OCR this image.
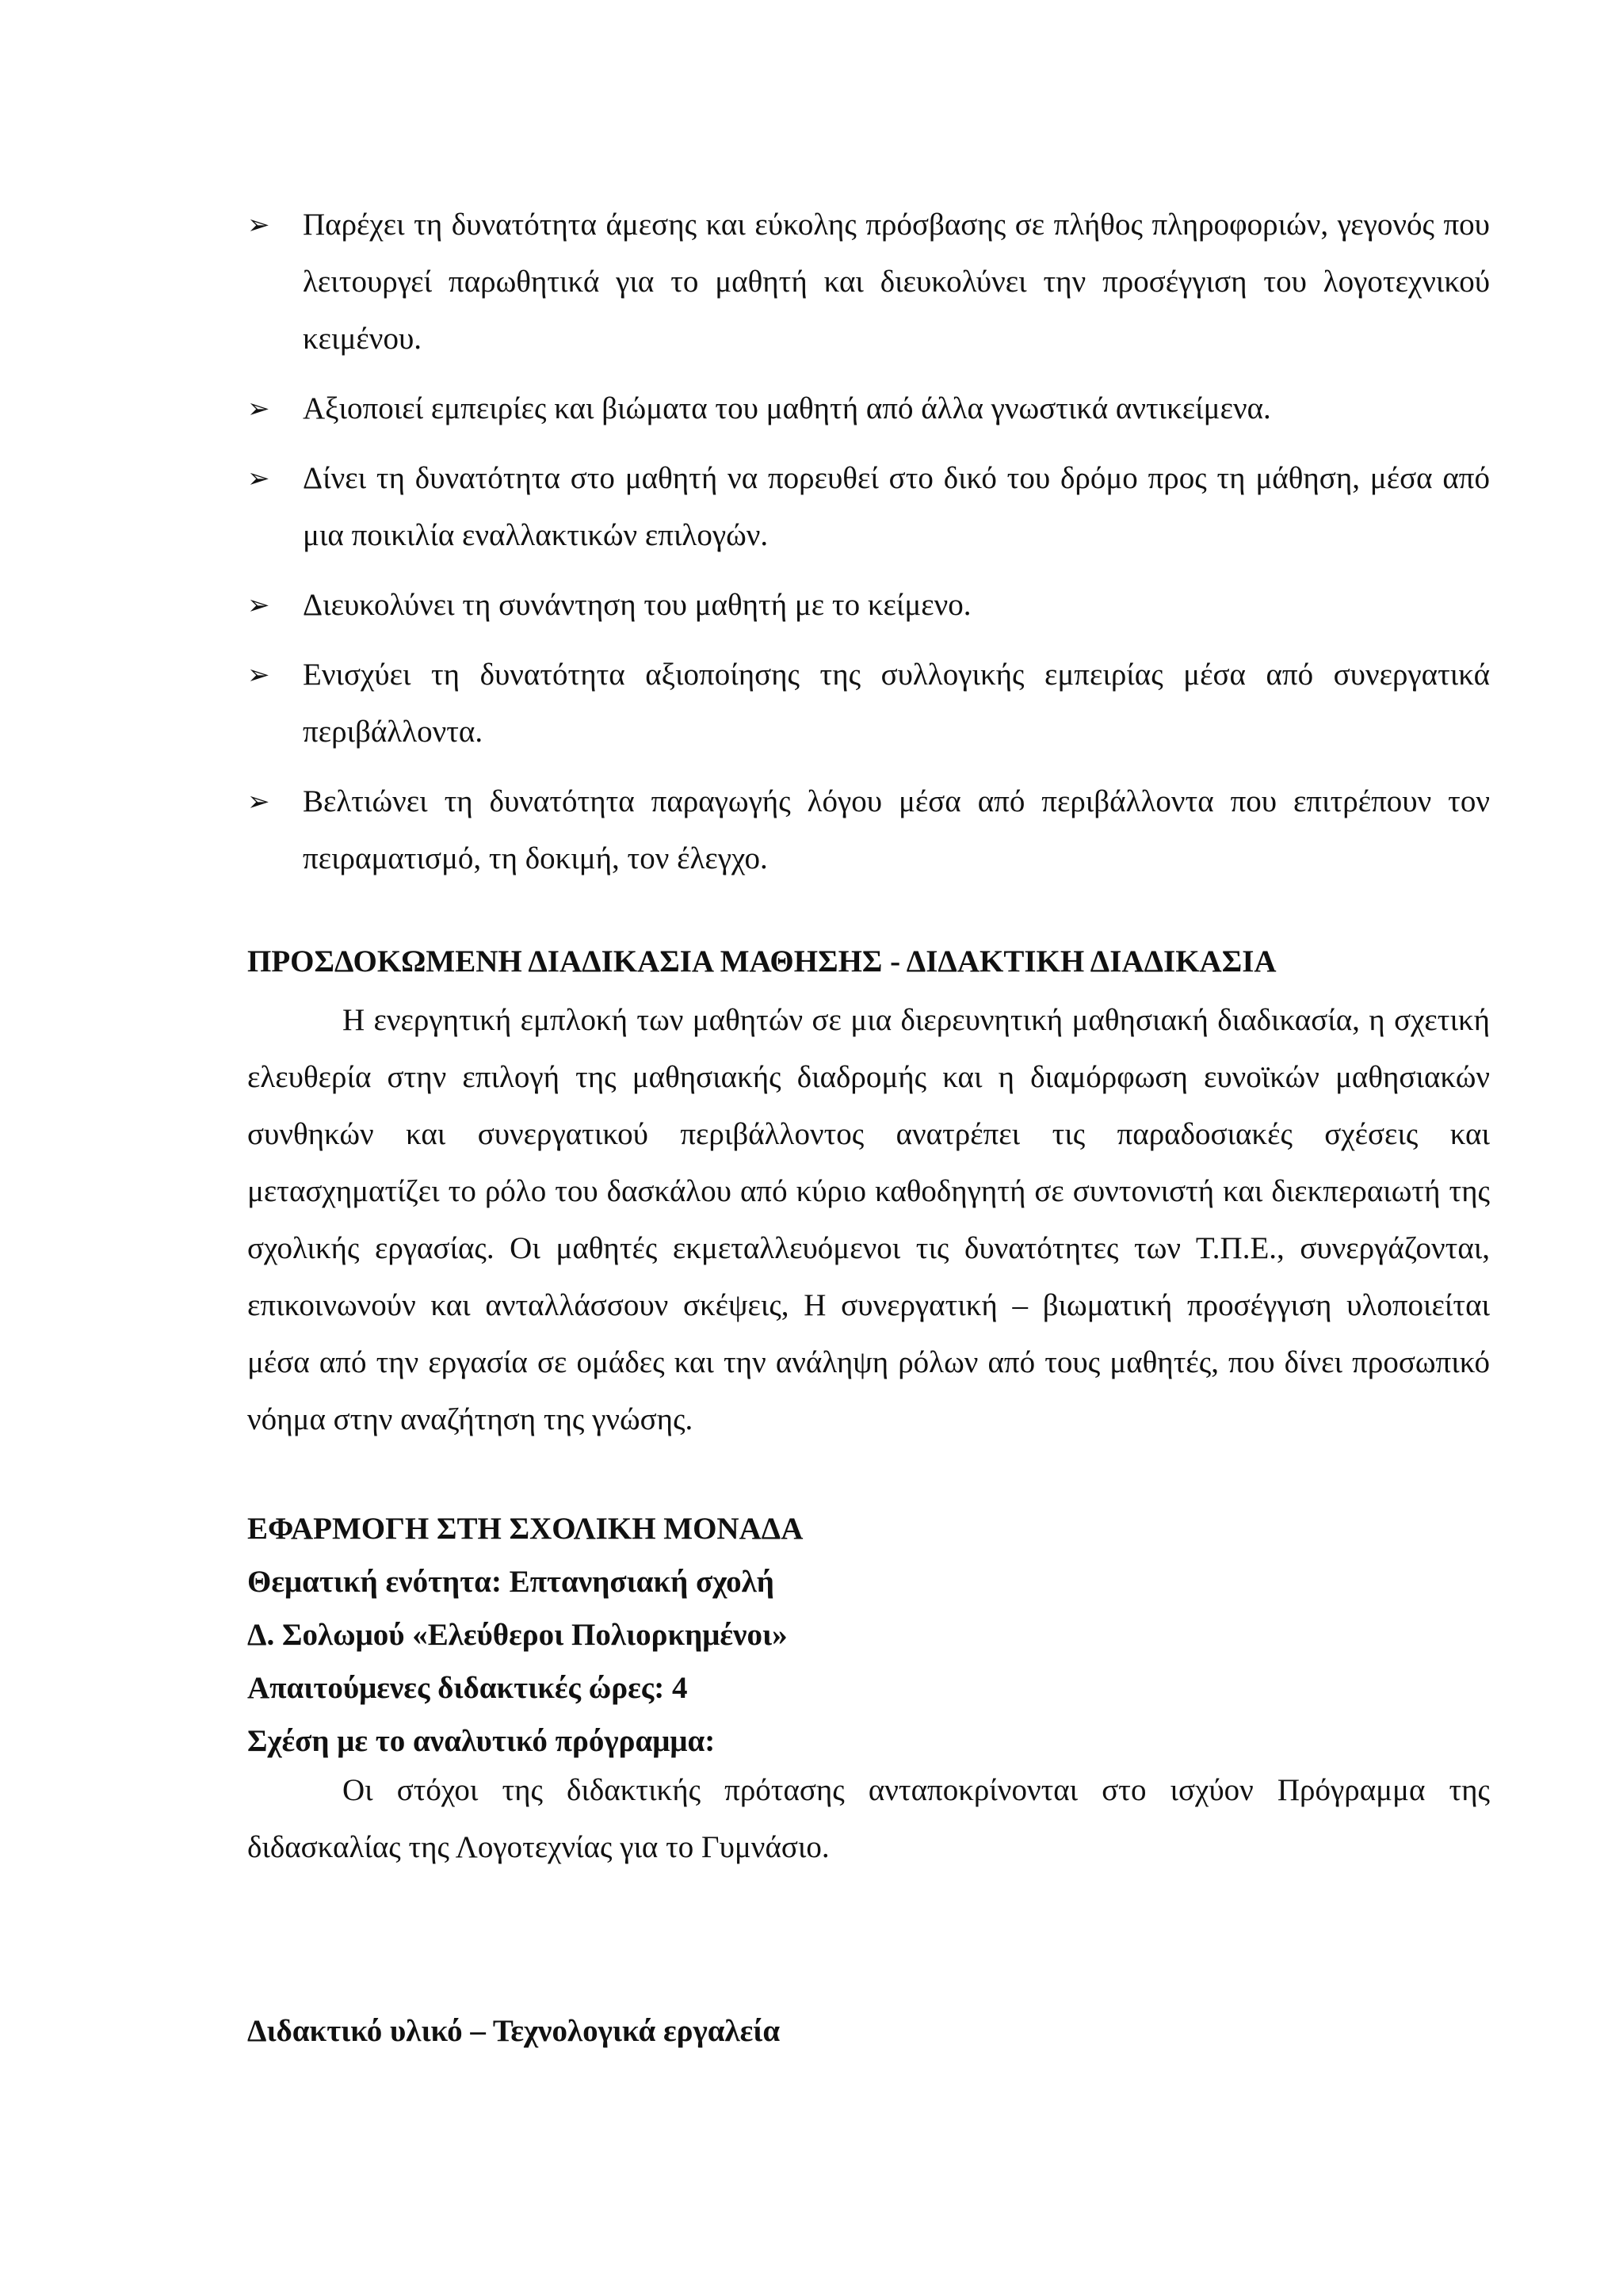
➢ Παρέχει τη δυνατότητα άμεσης και εύκολης πρόσβασης σε πλήθος πληροφοριών, γεγονός που λειτουργεί παρωθητικά για το μαθητή και διευκολύνει την προσέγγιση του λογοτεχνικού κειμένου.
➢ Αξιοποιεί εμπειρίες και βιώματα του μαθητή από άλλα γνωστικά αντικείμενα.
➢ Δίνει τη δυνατότητα στο μαθητή να πορευθεί στο δικό του δρόμο προς τη μάθηση, μέσα από μια ποικιλία εναλλακτικών επιλογών.
➢ Διευκολύνει τη συνάντηση του μαθητή με το κείμενο.
➢ Ενισχύει τη δυνατότητα αξιοποίησης της συλλογικής εμπειρίας μέσα από συνεργατικά περιβάλλοντα.
➢ Βελτιώνει τη δυνατότητα παραγωγής λόγου μέσα από περιβάλλοντα που επιτρέπουν τον πειραματισμό, τη δοκιμή, τον έλεγχο.
ΠΡΟΣΔΟΚΩΜΕΝΗ ΔΙΑΔΙΚΑΣΙΑ ΜΑΘΗΣΗΣ - ΔΙΔΑΚΤΙΚΗ ΔΙΑΔΙΚΑΣΙΑ

Η ενεργητική εμπλοκή των μαθητών σε μια διερευνητική μαθησιακή διαδικασία, η σχετική ελευθερία στην επιλογή της μαθησιακής διαδρομής και η διαμόρφωση ευνοϊκών μαθησιακών συνθηκών και συνεργατικού περιβάλλοντος ανατρέπει τις παραδοσιακές σχέσεις και μετασχηματίζει το ρόλο του δασκάλου από κύριο καθοδηγητή σε συντονιστή και διεκπεραιωτή της σχολικής εργασίας. Οι μαθητές εκμεταλλευόμενοι τις δυνατότητες των Τ.Π.Ε., συνεργάζονται, επικοινωνούν και ανταλλάσσουν σκέψεις, Η συνεργατική – βιωματική προσέγγιση υλοποιείται μέσα από την εργασία σε ομάδες και την ανάληψη ρόλων από τους μαθητές, που δίνει προσωπικό νόημα στην αναζήτηση της γνώσης.

ΕΦΑΡΜΟΓΗ ΣΤΗ ΣΧΟΛΙΚΗ ΜΟΝΑΔΑ
Θεματική ενότητα: Επτανησιακή σχολή
Δ. Σολωμού «Ελεύθεροι Πολιορκημένοι»
Απαιτούμενες διδακτικές ώρες: 4
Σχέση με το αναλυτικό πρόγραμμα:

Οι στόχοι της διδακτικής πρότασης ανταποκρίνονται στο ισχύον Πρόγραμμα της διδασκαλίας της Λογοτεχνίας για το Γυμνάσιο.

Διδακτικό υλικό – Τεχνολογικά εργαλεία
